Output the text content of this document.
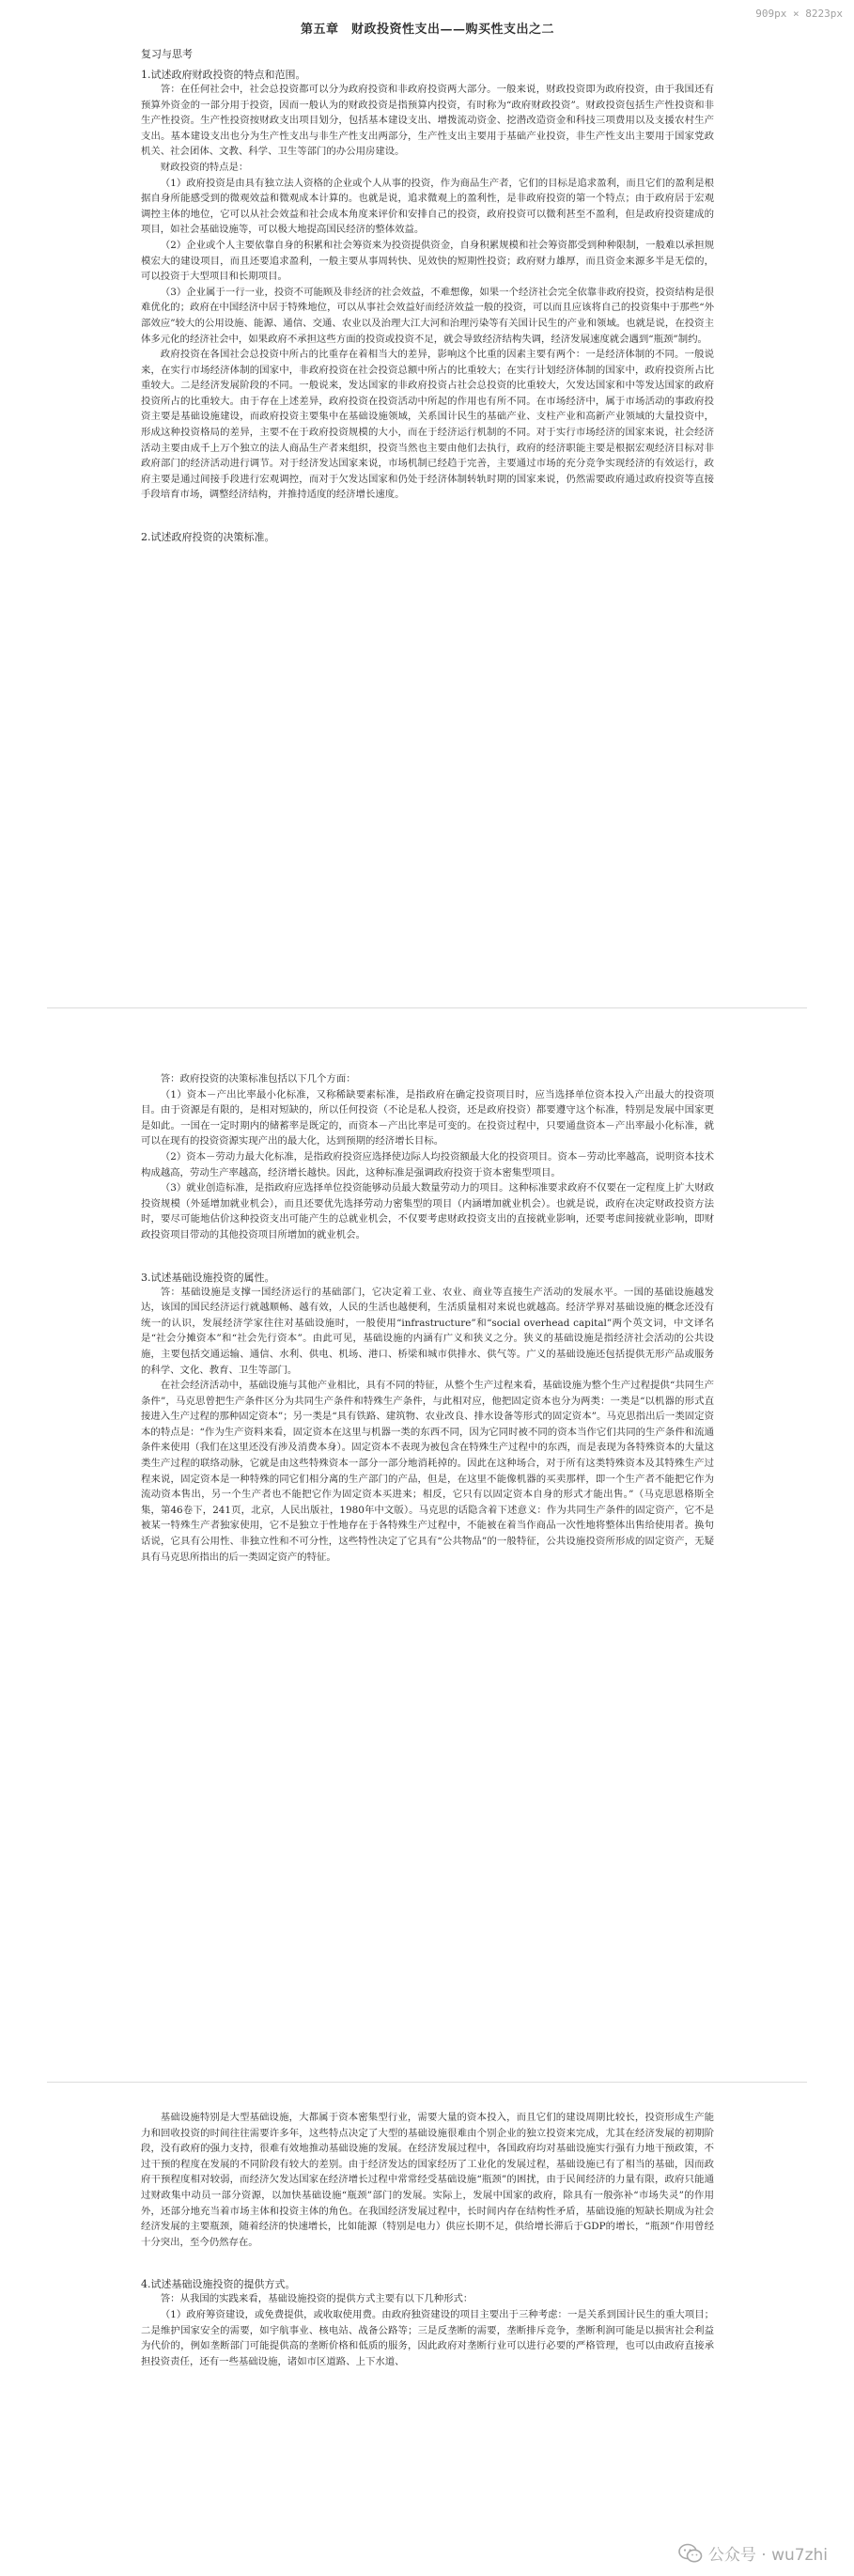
909px × 8223px
第五章　财政投资性支出——购买性支出之二
复习与思考
1.试述政府财政投资的特点和范围。

答：在任何社会中，社会总投资都可以分为政府投资和非政府投资两大部分。一般来说，财政投资即为政府投资，由于我国还有预算外资金的一部分用于投资，因而一般认为的财政投资是指预算内投资，有时称为“政府财政投资”。财政投资包括生产性投资和非生产性投资。生产性投资按财政支出项目划分，包括基本建设支出、增拨流动资金、挖潜改造资金和科技三项费用以及支援农村生产支出。基本建设支出也分为生产性支出与非生产性支出两部分，生产性支出主要用于基础产业投资，非生产性支出主要用于国家党政机关、社会团体、文教、科学、卫生等部门的办公用房建设。

财政投资的特点是：

（1）政府投资是由具有独立法人资格的企业或个人从事的投资，作为商品生产者，它们的目标是追求盈利，而且它们的盈利是根据自身所能感受到的微观效益和微观成本计算的。也就是说，追求微观上的盈利性，是非政府投资的第一个特点；由于政府居于宏观调控主体的地位，它可以从社会效益和社会成本角度来评价和安排自己的投资，政府投资可以微利甚至不盈利，但是政府投资建成的项目，如社会基础设施等，可以极大地提高国民经济的整体效益。

（2）企业或个人主要依靠自身的积累和社会筹资来为投资提供资金，自身积累规模和社会筹资都受到种种限制，一般难以承担规模宏大的建设项目，而且还要追求盈利，一般主要从事周转快、见效快的短期性投资；政府财力雄厚，而且资金来源多半是无偿的，可以投资于大型项目和长期项目。

（3）企业属于一行一业，投资不可能顾及非经济的社会效益，不难想像，如果一个经济社会完全依靠非政府投资，投资结构是很难优化的；政府在中国经济中居于特殊地位，可以从事社会效益好而经济效益一般的投资，可以而且应该将自己的投资集中于那些“外部效应”较大的公用设施、能源、通信、交通、农业以及治理大江大河和治理污染等有关国计民生的产业和领域。也就是说，在投资主体多元化的经济社会中，如果政府不承担这些方面的投资或投资不足，就会导致经济结构失调，经济发展速度就会遇到“瓶颈”制约。

政府投资在各国社会总投资中所占的比重存在着相当大的差异，影响这个比重的因素主要有两个：一是经济体制的不同。一般说来，在实行市场经济体制的国家中，非政府投资在社会投资总额中所占的比重较大；在实行计划经济体制的国家中，政府投资所占比重较大。二是经济发展阶段的不同。一般说来，发达国家的非政府投资占社会总投资的比重较大，欠发达国家和中等发达国家的政府投资所占的比重较大。由于存在上述差异，政府投资在投资活动中所起的作用也有所不同。在市场经济中，属于市场活动的事政府投资主要是基础设施建设，而政府投资主要集中在基础设施领域，关系国计民生的基础产业、支柱产业和高新产业领域的大量投资中，形成这种投资格局的差异，主要不在于政府投资规模的大小，而在于经济运行机制的不同。对于实行市场经济的国家来说，社会经济活动主要由成千上万个独立的法人商品生产者来组织，投资当然也主要由他们去执行，政府的经济职能主要是根据宏观经济目标对非政府部门的经济活动进行调节。对于经济发达国家来说，市场机制已经趋于完善，主要通过市场的充分竞争实现经济的有效运行，政府主要是通过间接手段进行宏观调控，而对于欠发达国家和仍处于经济体制转轨时期的国家来说，仍然需要政府通过政府投资等直接手段培育市场，调整经济结构，并推持适度的经济增长速度。

2.试述政府投资的决策标准。

答：政府投资的决策标准包括以下几个方面：

（1）资本－产出比率最小化标准，又称稀缺要素标准，是指政府在确定投资项目时，应当选择单位资本投入产出最大的投资项目。由于资源是有限的，是相对短缺的，所以任何投资（不论是私人投资，还是政府投资）都要遵守这个标准，特别是发展中国家更是如此。一国在一定时期内的储蓄率是既定的，而资本－产出比率是可变的。在投资过程中，只要通盘资本－产出率最小化标准，就可以在现有的投资资源实现产出的最大化，达到预期的经济增长目标。

（2）资本－劳动力最大化标准，是指政府投资应选择使边际人均投资额最大化的投资项目。资本－劳动比率越高，说明资本技术构成越高，劳动生产率越高，经济增长越快。因此，这种标准是强调政府投资于资本密集型项目。

（3）就业创造标准，是指政府应选择单位投资能够动员最大数量劳动力的项目。这种标准要求政府不仅要在一定程度上扩大财政投资规模（外延增加就业机会），而且还要优先选择劳动力密集型的项目（内涵增加就业机会）。也就是说，政府在决定财政投资方法时，要尽可能地估价这种投资支出可能产生的总就业机会，不仅要考虑财政投资支出的直接就业影响，还要考虑间接就业影响，即财政投资项目带动的其他投资项目所增加的就业机会。

3.试述基础设施投资的属性。

答：基础设施是支撑一国经济运行的基础部门，它决定着工业、农业、商业等直接生产活动的发展水平。一国的基础设施越发达，该国的国民经济运行就越顺畅、越有效，人民的生活也越便利，生活质量相对来说也就越高。经济学界对基础设施的概念还没有统一的认识，发展经济学家往往对基础设施时，一般使用“infrastructure”和“social overhead capital”两个英文词，中文译名是“社会分摊资本”和“社会先行资本”。由此可见，基础设施的内涵有广义和狭义之分。狭义的基础设施是指经济社会活动的公共设施，主要包括交通运输、通信、水利、供电、机场、港口、桥梁和城市供排水、供气等。广义的基础设施还包括提供无形产品或服务的科学、文化、教育、卫生等部门。

在社会经济活动中，基础设施与其他产业相比，具有不同的特征，从整个生产过程来看，基础设施为整个生产过程提供“共同生产条件”，马克思曾把生产条件区分为共同生产条件和特殊生产条件，与此相对应，他把固定资本也分为两类：一类是“以机器的形式直接进入生产过程的那种固定资本”；另一类是“具有铁路、建筑物、农业改良、排水设备等形式的固定资本”。马克思指出后一类固定资本的特点是：“作为生产资料来看，固定资本在这里与机器一类的东西不同，因为它同时被不同的资本当作它们共同的生产条件和流通条件来使用（我们在这里还没有涉及消费本身）。固定资本不表现为被包含在特殊生产过程中的东西，而是表现为各特殊资本的大量这类生产过程的联络动脉，它就是由这些特殊资本一部分一部分地消耗掉的。因此在这种场合，对于所有这类特殊资本及其特殊生产过程来说，固定资本是一种特殊的同它们相分离的生产部门的产品，但是，在这里不能像机器的买卖那样，即一个生产者不能把它作为流动资本售出，另一个生产者也不能把它作为固定资本买进来；相反，它只有以固定资本自身的形式才能出售。”（马克思恩格斯全集，第46卷下，241页，北京，人民出版社，1980年中文版）。马克思的话隐含着下述意义：作为共同生产条件的固定资产，它不是被某一特殊生产者独家使用，它不是独立于性地存在于各特殊生产过程中，不能被在着当作商品一次性地将整体出售给使用者。换句话说，它具有公用性、非独立性和不可分性，这些特性决定了它具有“公共物品”的一般特征，公共设施投资所形成的固定资产，无疑具有马克思所指出的后一类固定资产的特征。

基础设施特别是大型基础设施，大都属于资本密集型行业，需要大量的资本投入，而且它们的建设周期比较长，投资形成生产能力和回收投资的时间往往需要许多年，这些特点决定了大型的基础设施很难由个别企业的独立投资来完成，尤其在经济发展的初期阶段，没有政府的强力支持，很难有效地推动基础设施的发展。在经济发展过程中，各国政府均对基础设施实行强有力地干预政策，不过干预的程度在发展的不同阶段有较大的差别。由于经济发达的国家经历了工业化的发展过程，基础设施已有了相当的基础，因而政府干预程度相对较弱，而经济欠发达国家在经济增长过程中常常经受基础设施“瓶颈”的困扰，由于民间经济的力量有限，政府只能通过财政集中动员一部分资源，以加快基础设施“瓶颈”部门的发展。实际上，发展中国家的政府，除具有一般弥补“市场失灵”的作用外，还部分地充当着市场主体和投资主体的角色。在我国经济发展过程中，长时间内存在结构性矛盾，基础设施的短缺长期成为社会经济发展的主要瓶颈，随着经济的快速增长，比如能源（特别是电力）供应长期不足，供给增长滞后于GDP的增长，“瓶颈”作用曾经十分突出，至今仍然存在。

4.试述基础设施投资的提供方式。

答：从我国的实践来看，基础设施投资的提供方式主要有以下几种形式：

（1）政府筹资建设，或免费提供，或收取使用费。由政府独资建设的项目主要出于三种考虑：一是关系到国计民生的重大项目；二是维护国家安全的需要，如宇航事业、核电站、战备公路等；三是反垄断的需要，垄断排斥竞争，垄断利润可能是以损害社会利益为代价的，例如垄断部门可能提供高的垄断价格和低质的服务，因此政府对垄断行业可以进行必要的严格管理，也可以由政府直接承担投资责任，还有一些基础设施，诸如市区道路、上下水道、

公众号 · wu7zhi
